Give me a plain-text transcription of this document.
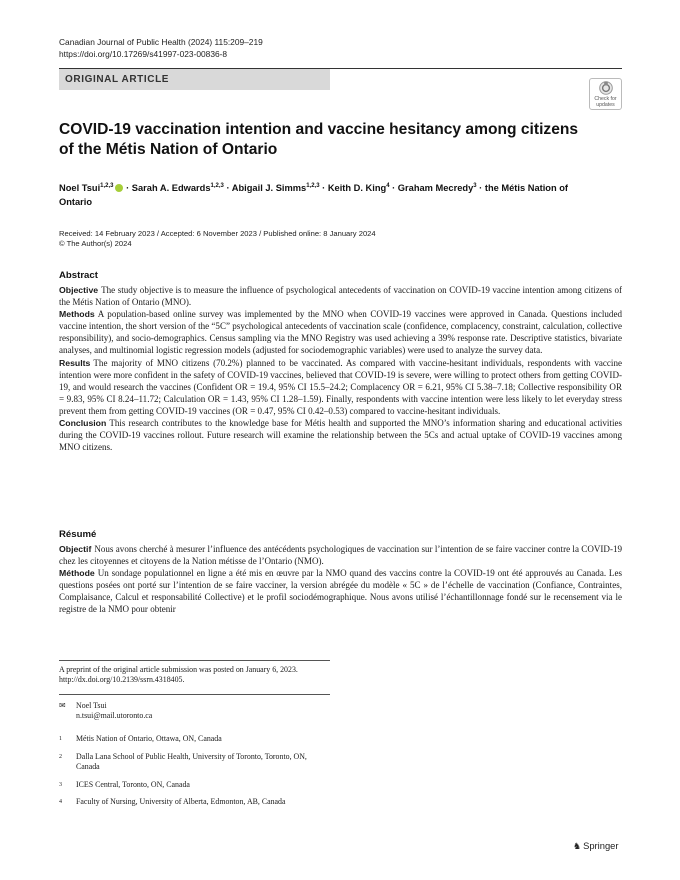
Canadian Journal of Public Health (2024) 115:209–219
https://doi.org/10.17269/s41997-023-00836-8
ORIGINAL ARTICLE
Check for
updates
COVID-19 vaccination intention and vaccine hesitancy among citizens
of the Métis Nation of Ontario
Noel Tsui$^{1,2,3}$ · Sarah A. Edwards$^{1,2,3}$ · Abigail J. Simms$^{1,2,3}$ · Keith D. King$^4$ · Graham Mecredy$^3$ · the Métis Nation of
Ontario
Received: 14 February 2023 / Accepted: 6 November 2023 / Published online: 8 January 2024
© The Author(s) 2024
Abstract

Objective The study objective is to measure the influence of psychological antecedents of vaccination on COVID-19 vaccine intention among citizens of the Métis Nation of Ontario (MNO).

Methods A population-based online survey was implemented by the MNO when COVID-19 vaccines were approved in Canada. Questions included vaccine intention, the short version of the “5C” psychological antecedents of vaccination scale (confidence, complacency, constraint, calculation, collective responsibility), and socio-demographics. Census sampling via the MNO Registry was used achieving a 39% response rate. Descriptive statistics, bivariate analyses, and multinomial logistic regression models (adjusted for sociodemographic variables) were used to analyze the survey data.

Results The majority of MNO citizens (70.2%) planned to be vaccinated. As compared with vaccine-hesitant individuals, respondents with vaccine intention were more confident in the safety of COVID-19 vaccines, believed that COVID-19 is severe, were willing to protect others from getting COVID-19, and would research the vaccines (Confident OR = 19.4, 95% CI 15.5–24.2; Complacency OR = 6.21, 95% CI 5.38–7.18; Collective responsibility OR = 9.83, 95% CI 8.24–11.72; Calculation OR = 1.43, 95% CI 1.28–1.59). Finally, respondents with vaccine intention were less likely to let everyday stress prevent them from getting COVID-19 vaccines (OR = 0.47, 95% CI 0.42–0.53) compared to vaccine-hesitant individuals.

Conclusion This research contributes to the knowledge base for Métis health and supported the MNO’s information sharing and educational activities during the COVID-19 vaccines rollout. Future research will examine the relationship between the 5Cs and actual uptake of COVID-19 vaccines among MNO citizens.

Résumé

Objectif Nous avons cherché à mesurer l’influence des antécédents psychologiques de vaccination sur l’intention de se faire vacciner contre la COVID-19 chez les citoyennes et citoyens de la Nation métisse de l’Ontario (NMO).

Méthode Un sondage populationnel en ligne a été mis en œuvre par la NMO quand des vaccins contre la COVID-19 ont été approuvés au Canada. Les questions posées ont porté sur l’intention de se faire vacciner, la version abrégée du modèle « 5C » de l’échelle de vaccination (Confiance, Contraintes, Complaisance, Calcul et responsabilité Collective) et le profil sociodémographique. Nous avons utilisé l’échantillonnage fondé sur le recensement via le registre de la NMO pour obtenir

A preprint of the original article submission was posted on January 6, 2023. http://dx.doi.org/10.2139/ssrn.4318405.
✉ Noel Tsui
n.tsui@mail.utoronto.ca
1 Métis Nation of Ontario, Ottawa, ON, Canada
2 Dalla Lana School of Public Health, University of Toronto, Toronto, ON, Canada
3 ICES Central, Toronto, ON, Canada
4 Faculty of Nursing, University of Alberta, Edmonton, AB, Canada
♞ Springer
